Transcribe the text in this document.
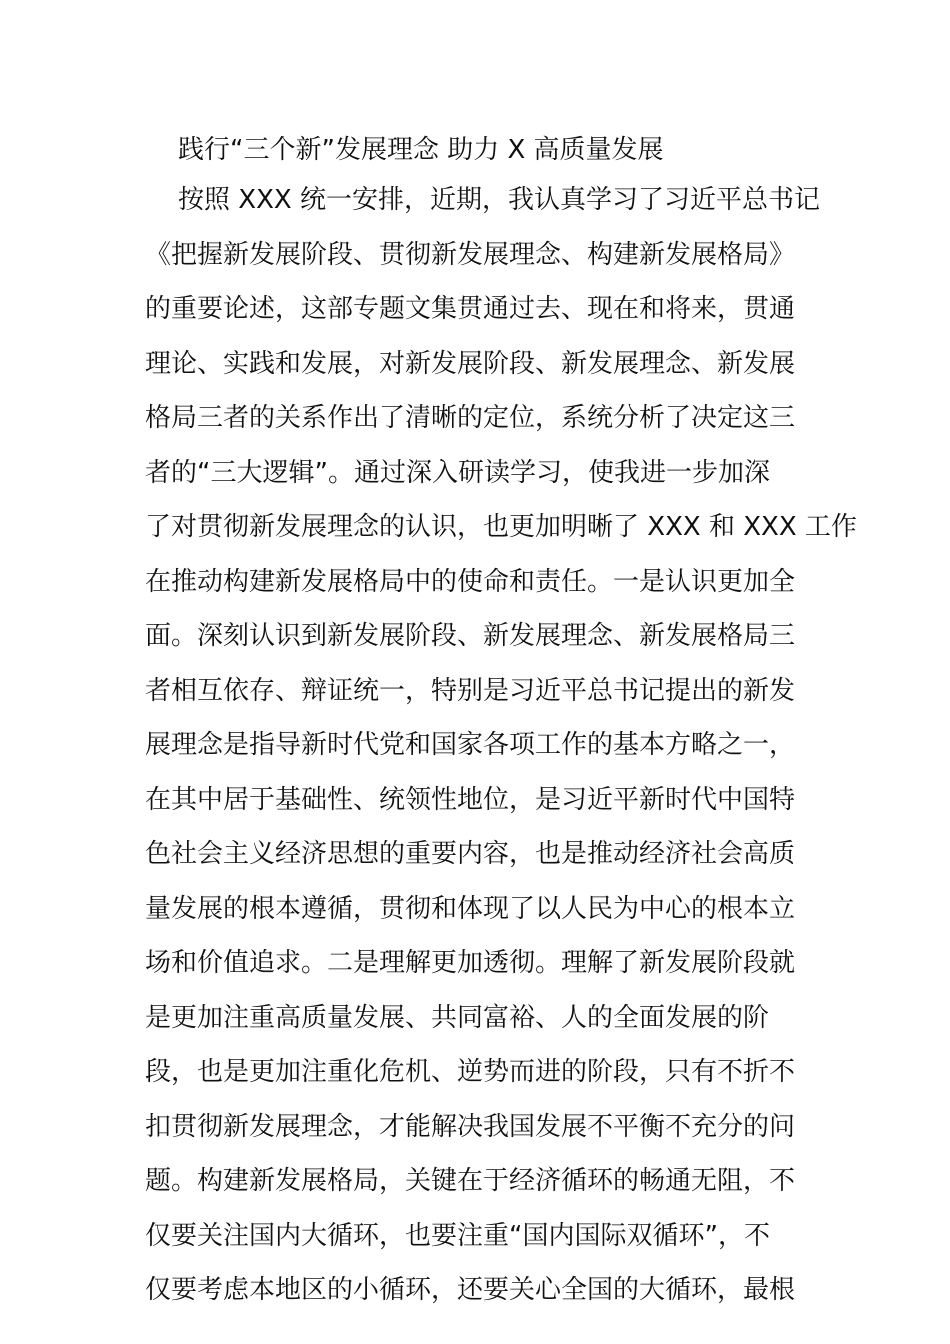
践行“三个新”发展理念 助力 X 高质量发展
按照 XXX 统一安排，近期，我认真学习了习近平总书记
《把握新发展阶段、贯彻新发展理念、构建新发展格局》
的重要论述，这部专题文集贯通过去、现在和将来，贯通
理论、实践和发展，对新发展阶段、新发展理念、新发展
格局三者的关系作出了清晰的定位，系统分析了决定这三
者的“三大逻辑”。通过深入研读学习，使我进一步加深
了对贯彻新发展理念的认识，也更加明晰了 XXX 和 XXX 工作
在推动构建新发展格局中的使命和责任。一是认识更加全
面。深刻认识到新发展阶段、新发展理念、新发展格局三
者相互依存、辩证统一，特别是习近平总书记提出的新发
展理念是指导新时代党和国家各项工作的基本方略之一，
在其中居于基础性、统领性地位，是习近平新时代中国特
色社会主义经济思想的重要内容，也是推动经济社会高质
量发展的根本遵循，贯彻和体现了以人民为中心的根本立
场和价值追求。二是理解更加透彻。理解了新发展阶段就
是更加注重高质量发展、共同富裕、人的全面发展的阶
段，也是更加注重化危机、逆势而进的阶段，只有不折不
扣贯彻新发展理念，才能解决我国发展不平衡不充分的问
题。构建新发展格局，关键在于经济循环的畅通无阻，不
仅要关注国内大循环，也要注重“国内国际双循环”，不
仅要考虑本地区的小循环，还要关心全国的大循环，最根
